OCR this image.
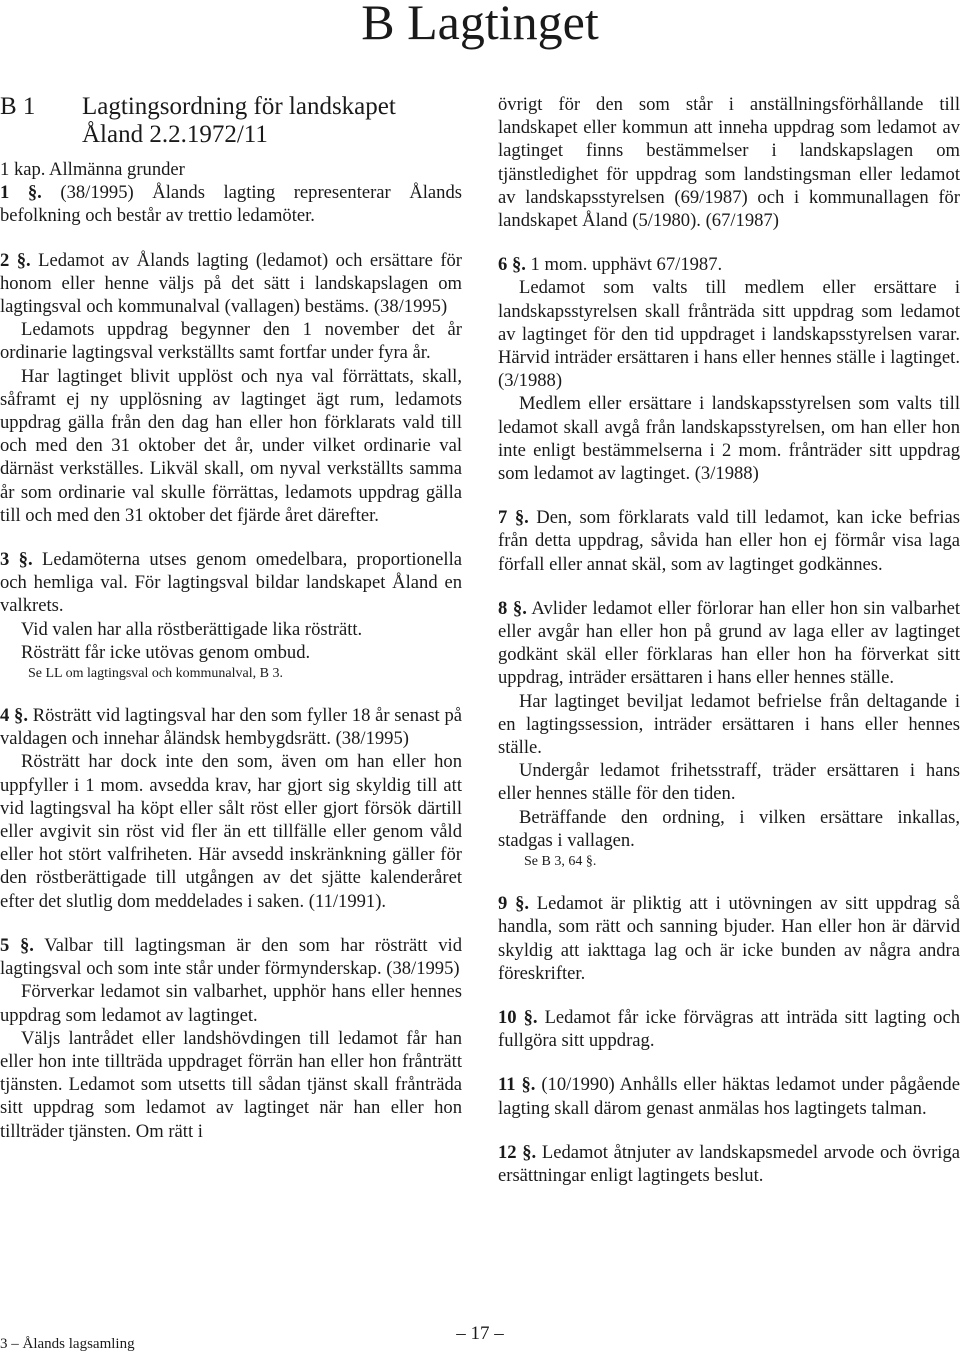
B Lagtinget
B 1	Lagtingsordning för landskapet Åland 2.2.1972/11

1 kap. Allmänna grunder

1 §. (38/1995) Ålands lagting representerar Ålands befolkning och består av trettio ledamöter.

2 §. Ledamot av Ålands lagting (ledamot) och ersättare för honom eller henne väljs på det sätt i landskapslagen om lagtingsval och kommunalval (vallagen) bestäms. (38/1995)

Ledamots uppdrag begynner den 1 november det år ordinarie lagtingsval verkställts samt fortfar under fyra år.

Har lagtinget blivit upplöst och nya val förrättats, skall, såframt ej ny upplösning av lagtinget ägt rum, ledamots uppdrag gälla från den dag han eller hon förklarats vald till och med den 31 oktober det år, under vilket ordinarie val därnäst verkställes. Likväl skall, om nyval verkställts samma år som ordinarie val skulle förrättas, ledamots uppdrag gälla till och med den 31 oktober det fjärde året därefter.

3 §. Ledamöterna utses genom omedelbara, proportionella och hemliga val. För lagtingsval bildar landskapet Åland en valkrets.

Vid valen har alla röstberättigade lika rösträtt.

Rösträtt får icke utövas genom ombud.

Se LL om lagtingsval och kommunalval, B 3.

4 §. Rösträtt vid lagtingsval har den som fyller 18 år senast på valdagen och innehar åländsk hembygdsrätt. (38/1995)

Rösträtt har dock inte den som, även om han eller hon uppfyller i 1 mom. avsedda krav, har gjort sig skyldig till att vid lagtingsval ha köpt eller sålt röst eller gjort försök därtill eller avgivit sin röst vid fler än ett tillfälle eller genom våld eller hot stört valfriheten. Här avsedd inskränkning gäller för den röstberättigade till utgången av det sjätte kalenderåret efter det slutlig dom meddelades i saken. (11/1991).

5 §. Valbar till lagtingsman är den som har rösträtt vid lagtingsval och som inte står under förmynderskap. (38/1995)

Förverkar ledamot sin valbarhet, upphör hans eller hennes uppdrag som ledamot av lagtinget.

Väljs lantrådet eller landshövdingen till ledamot får han eller hon inte tillträda uppdraget förrän han eller hon frånträtt tjänsten. Ledamot som utsetts till sådan tjänst skall frånträda sitt uppdrag som ledamot av lagtinget när han eller hon tillträder tjänsten. Om rätt i

övrigt för den som står i anställningsförhållande till landskapet eller kommun att inneha uppdrag som ledamot av lagtinget finns bestämmelser i landskapslagen om tjänstledighet för uppdrag som landstingsman eller ledamot av landskapsstyrelsen (69/1987) och i kommunallagen för landskapet Åland (5/1980). (67/1987)

6 §. 1 mom. upphävt 67/1987.

Ledamot som valts till medlem eller ersättare i landskapsstyrelsen skall frånträda sitt uppdrag som ledamot av lagtinget för den tid uppdraget i landskapsstyrelsen varar. Härvid inträder ersättaren i hans eller hennes ställe i lagtinget. (3/1988)

Medlem eller ersättare i landskapsstyrelsen som valts till ledamot skall avgå från landskapsstyrelsen, om han eller hon inte enligt bestämmelserna i 2 mom. frånträder sitt uppdrag som ledamot av lagtinget. (3/1988)

7 §. Den, som förklarats vald till ledamot, kan icke befrias från detta uppdrag, såvida han eller hon ej förmår visa laga förfall eller annat skäl, som av lagtinget godkännes.

8 §. Avlider ledamot eller förlorar han eller hon sin valbarhet eller avgår han eller hon på grund av laga eller av lagtinget godkänt skäl eller förklaras han eller hon ha förverkat sitt uppdrag, inträder ersättaren i hans eller hennes ställe.

Har lagtinget beviljat ledamot befrielse från deltagande i en lagtingssession, inträder ersättaren i hans eller hennes ställe.

Undergår ledamot frihetsstraff, träder ersättaren i hans eller hennes ställe för den tiden.

Beträffande den ordning, i vilken ersättare inkallas, stadgas i vallagen.

Se B 3, 64 §.

9 §. Ledamot är pliktig att i utövningen av sitt uppdrag så handla, som rätt och sanning bjuder. Han eller hon är därvid skyldig att iakttaga lag och är icke bunden av några andra föreskrifter.

10 §. Ledamot får icke förvägras att inträda sitt lagting och fullgöra sitt uppdrag.

11 §. (10/1990) Anhålls eller häktas ledamot under pågående lagting skall därom genast anmälas hos lagtingets talman.

12 §. Ledamot åtnjuter av landskapsmedel arvode och övriga ersättningar enligt lagtingets beslut.

3 – Ålands lagsamling	– 17 –
